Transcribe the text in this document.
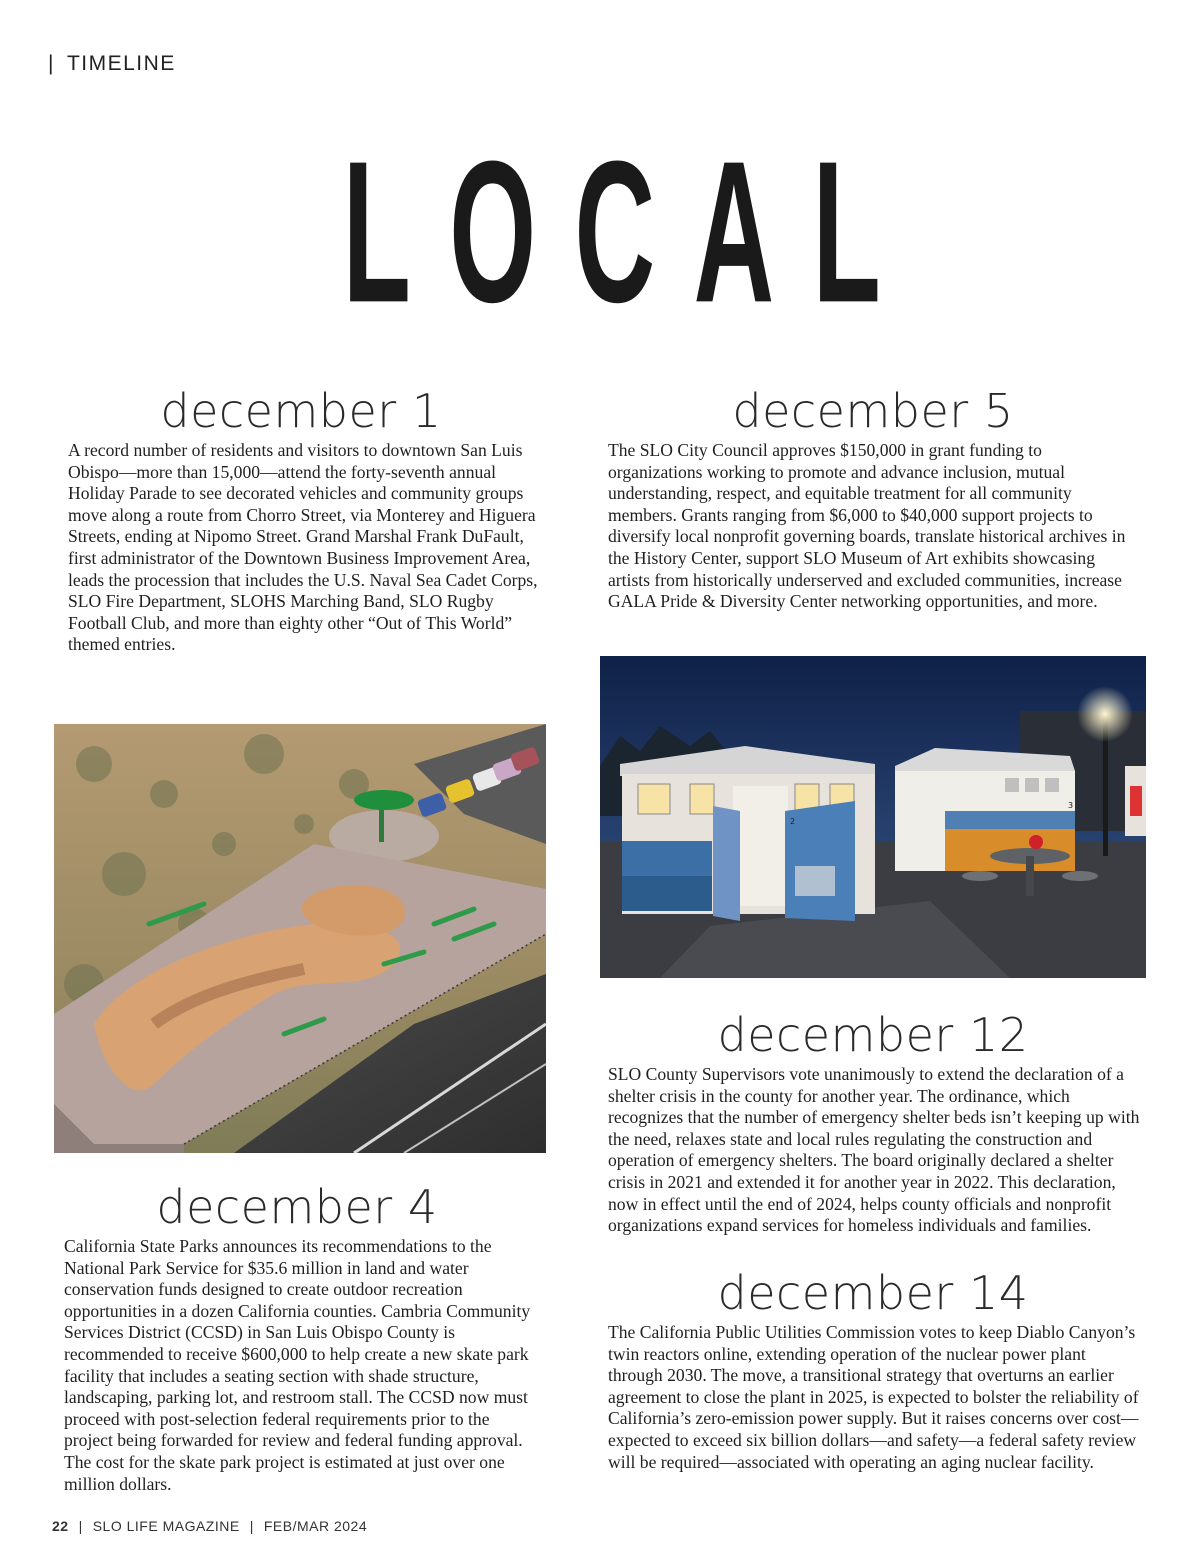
| TIMELINE
LOCAL
december 1

A record number of residents and visitors to downtown San Luis Obispo—more than 15,000—attend the forty-seventh annual Holiday Parade to see decorated vehicles and community groups move along a route from Chorro Street, via Monterey and Higuera Streets, ending at Nipomo Street. Grand Marshal Frank DuFault, first administrator of the Downtown Business Improvement Area, leads the procession that includes the U.S. Naval Sea Cadet Corps, SLO Fire Department, SLOHS Marching Band, SLO Rugby Football Club, and more than eighty other “Out of This World” themed entries.

december 5

The SLO City Council approves $150,000 in grant funding to organizations working to promote and advance inclusion, mutual understanding, respect, and equitable treatment for all community members. Grants ranging from $6,000 to $40,000 support projects to diversify local nonprofit governing boards, translate historical archives in the History Center, support SLO Museum of Art exhibits showcasing artists from historically underserved and excluded communities, increase GALA Pride & Diversity Center networking opportunities, and more.

2
3
december 4

California State Parks announces its recommendations to the National Park Service for $35.6 million in land and water conservation funds designed to create outdoor recreation opportunities in a dozen California counties. Cambria Community Services District (CCSD) in San Luis Obispo County is recommended to receive $600,000 to help create a new skate park facility that includes a seating section with shade structure, landscaping, parking lot, and restroom stall. The CCSD now must proceed with post-selection federal requirements prior to the project being forwarded for review and federal funding approval. The cost for the skate park project is estimated at just over one million dollars.

december 12

SLO County Supervisors vote unanimously to extend the declaration of a shelter crisis in the county for another year. The ordinance, which recognizes that the number of emergency shelter beds isn’t keeping up with the need, relaxes state and local rules regulating the construction and operation of emergency shelters. The board originally declared a shelter crisis in 2021 and extended it for another year in 2022. This declaration, now in effect until the end of 2024, helps county officials and nonprofit organizations expand services for homeless individuals and families.

december 14

The California Public Utilities Commission votes to keep Diablo Canyon’s twin reactors online, extending operation of the nuclear power plant through 2030. The move, a transitional strategy that overturns an earlier agreement to close the plant in 2025, is expected to bolster the reliability of California’s zero-emission power supply. But it raises concerns over cost—expected to exceed six billion dollars—and safety—a federal safety review will be required—associated with operating an aging nuclear facility.

22 | SLO LIFE MAGAZINE | FEB/MAR 2024
